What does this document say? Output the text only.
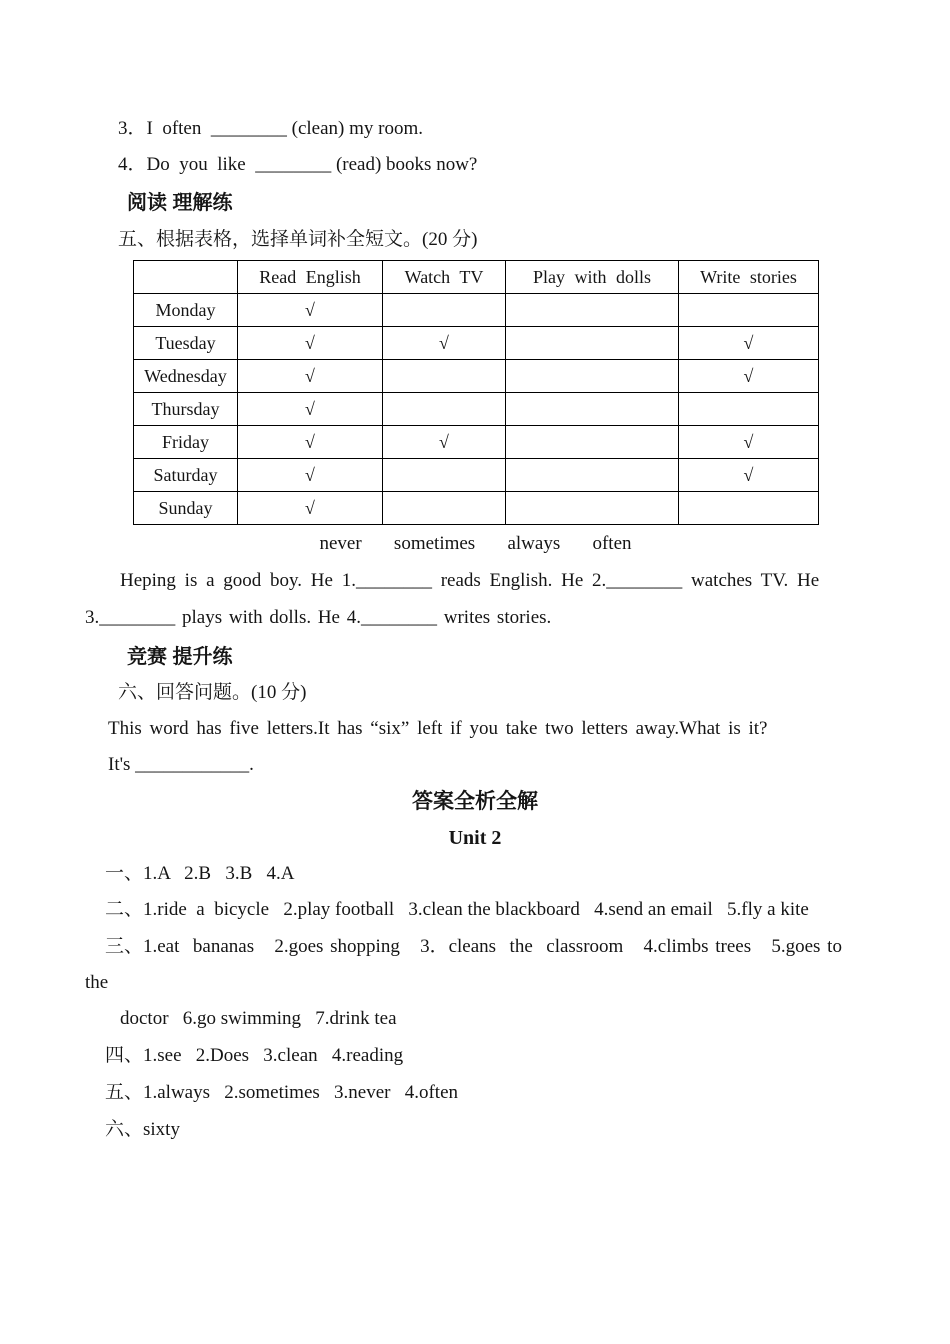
3．I  often  ________ (clean) my room.
4．Do  you  like  ________ (read) books now?
阅读 理解练
五、根据表格，选择单词补全短文。(20 分)
	Read English	Watch TV	Play with dolls	Write stories
Monday	√			
Tuesday	√	√		√
Wednesday	√			√
Thursday	√			
Friday	√	√		√
Saturday	√			√
Sunday	√			
never   sometimes   always   often
Heping is a good boy. He 1.________ reads English. He 2.________ watches TV. He
3.________ plays with dolls. He 4.________ writes stories.
竞赛 提升练
六、回答问题。(10 分)
This word has five letters.It has “six” left if you take two letters away.What is it?
It's ____________.
答案全析全解
Unit 2
一、1.A   2.B   3.B   4.A
二、1.ride  a  bicycle   2.play football   3.clean the blackboard   4.send an email   5.fly a kite
三、1.eat  bananas   2.goes shopping   3．cleans  the  classroom   4.climbs trees   5.goes to
the
doctor   6.go swimming   7.drink tea
四、1.see   2.Does   3.clean   4.reading
五、1.always   2.sometimes   3.never   4.often
六、sixty
